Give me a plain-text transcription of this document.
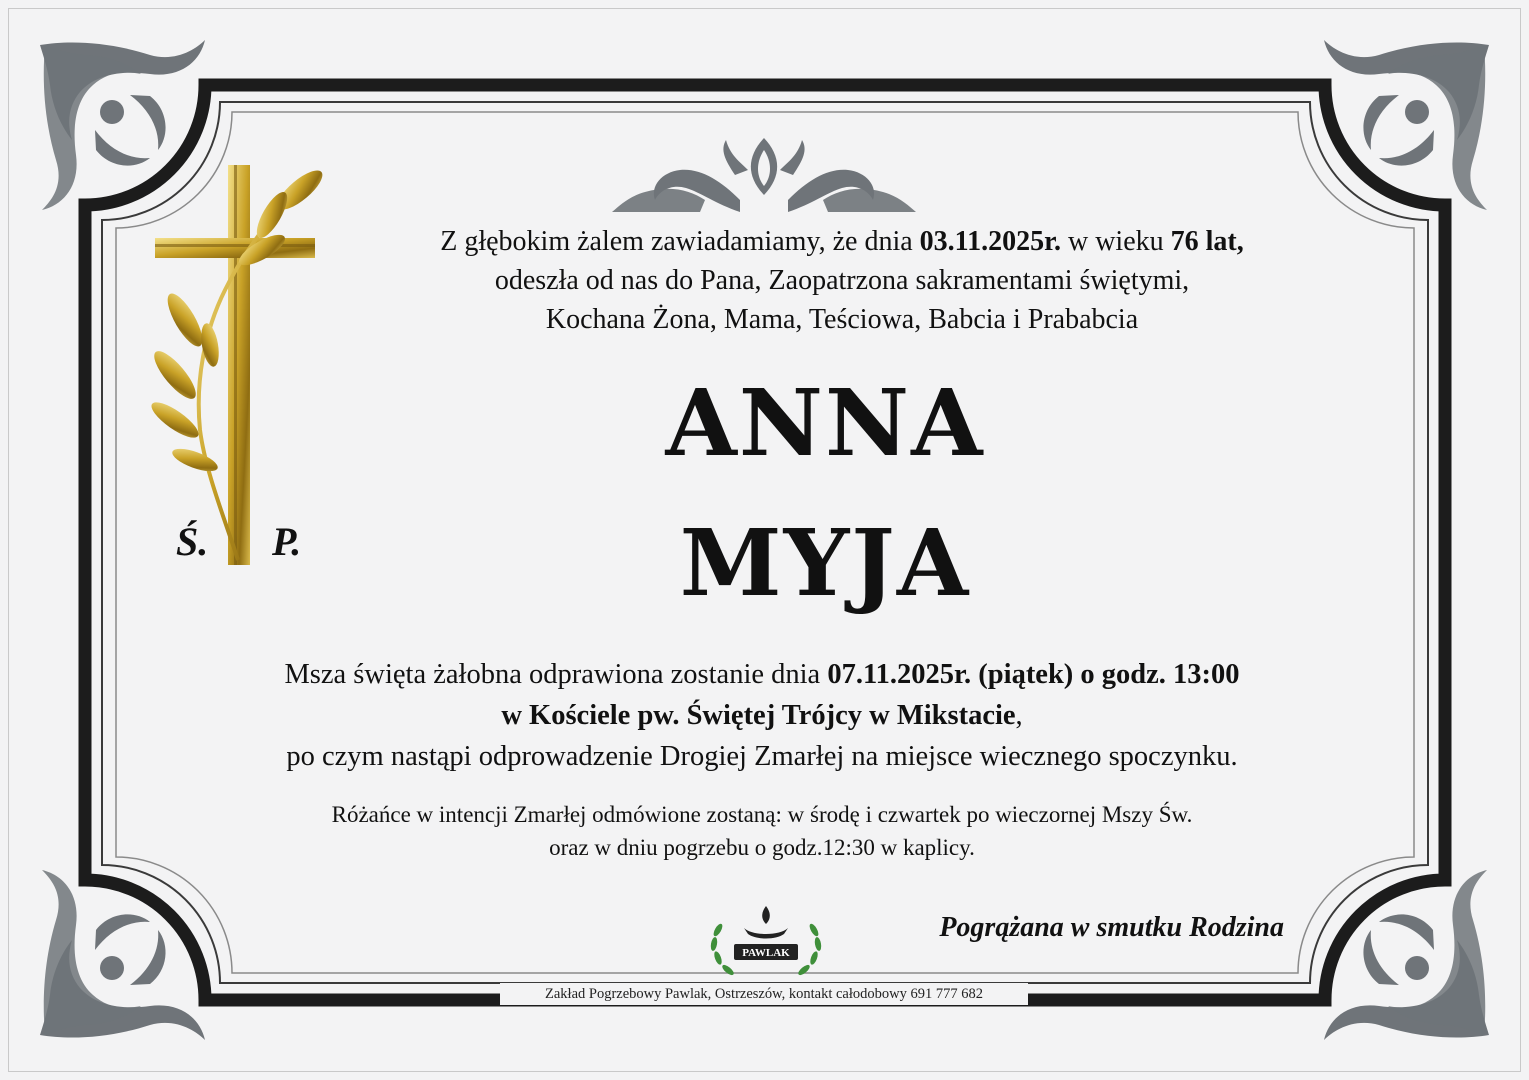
Ś. P.
Z głębokim żalem zawiadamiamy, że dnia 03.11.2025r. w wieku 76 lat,
odeszła od nas do Pana, Zaopatrzona sakramentami świętymi,
Kochana Żona, Mama, Teściowa, Babcia i Prababcia
ANNA
MYJA
Msza święta żałobna odprawiona zostanie dnia 07.11.2025r. (piątek) o godz. 13:00
w Kościele pw. Świętej Trójcy w Mikstacie,
po czym nastąpi odprowadzenie Drogiej Zmarłej na miejsce wiecznego spoczynku.
Różańce w intencji Zmarłej odmówione zostaną: w środę i czwartek po wieczornej Mszy Św.
oraz w dniu pogrzebu o godz.12:30 w kaplicy.
PAWLAK
Pogrążana w smutku Rodzina
Zakład Pogrzebowy Pawlak, Ostrzeszów, kontakt całodobowy 691 777 682
